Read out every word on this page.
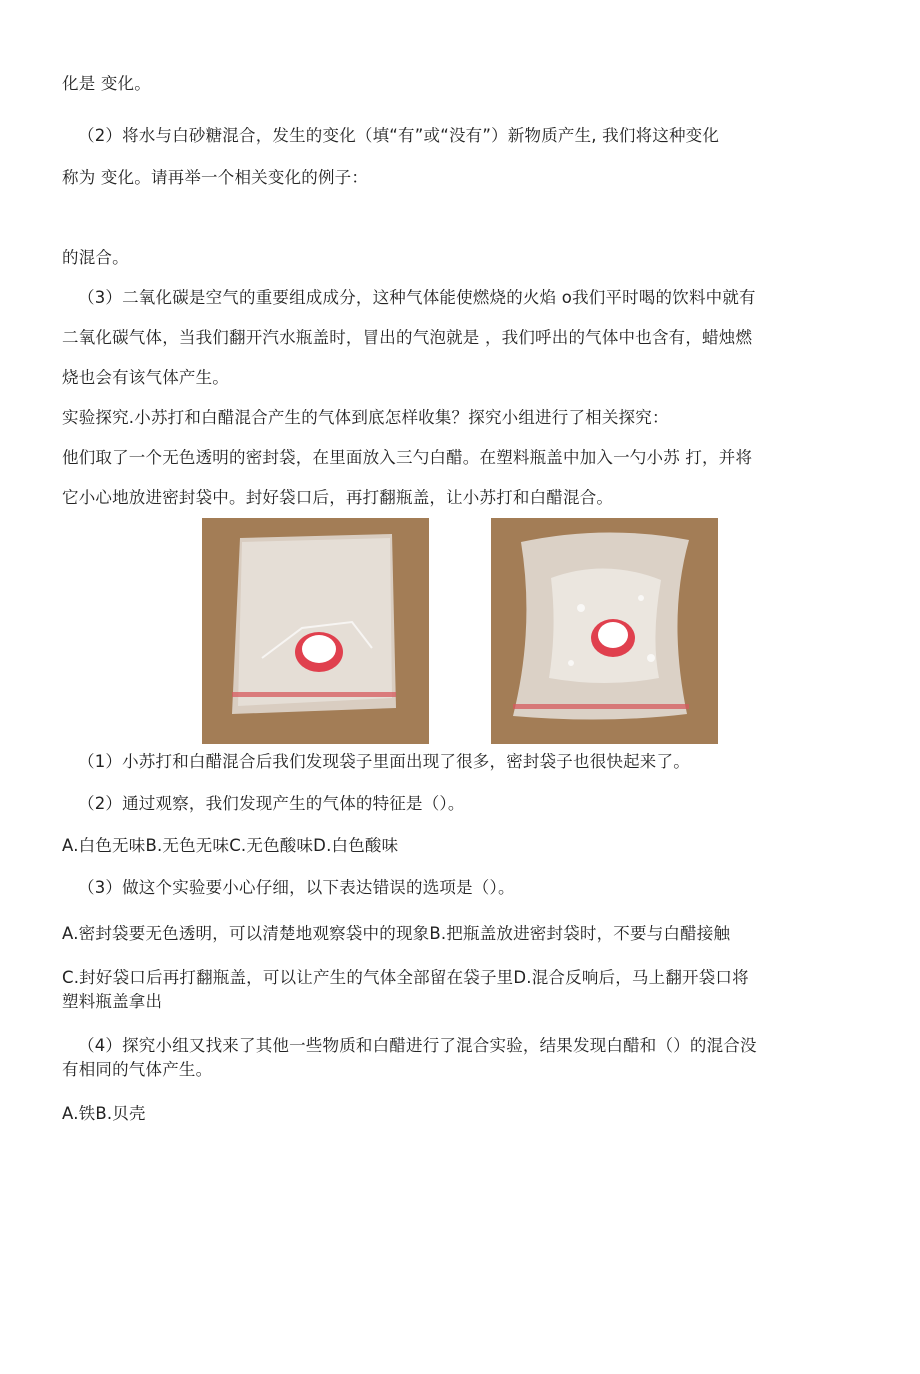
化是 变化。
（2）将水与白砂糖混合，发生的变化（填“有”或“没有”）新物质产生, 我们将这种变化
称为 变化。请再举一个相关变化的例子：
的混合。
（3）二氧化碳是空气的重要组成成分，这种气体能使燃烧的火焰 o我们平时喝的饮料中就有
二氧化碳气体，当我们翻开汽水瓶盖时，冒出的气泡就是 ，我们呼出的气体中也含有，蜡烛燃
烧也会有该气体产生。
实验探究.小苏打和白醋混合产生的气体到底怎样收集？探究小组进行了相关探究：
他们取了一个无色透明的密封袋，在里面放入三勺白醋。在塑料瓶盖中加入一勺小苏 打，并将
它小心地放进密封袋中。封好袋口后，再打翻瓶盖，让小苏打和白醋混合。
（1）小苏打和白醋混合后我们发现袋子里面出现了很多，密封袋子也很快起来了。
（2）通过观察，我们发现产生的气体的特征是（）。
A.白色无味B.无色无味C.无色酸味D.白色酸味
（3）做这个实验要小心仔细，以下表达错误的选项是（）。
A.密封袋要无色透明，可以清楚地观察袋中的现象B.把瓶盖放进密封袋时，不要与白醋接触
C.封好袋口后再打翻瓶盖，可以让产生的气体全部留在袋子里D.混合反响后，马上翻开袋口将
塑料瓶盖拿出
（4）探究小组又找来了其他一些物质和白醋进行了混合实验，结果发现白醋和（）的混合没
有相同的气体产生。
A.铁B.贝壳
